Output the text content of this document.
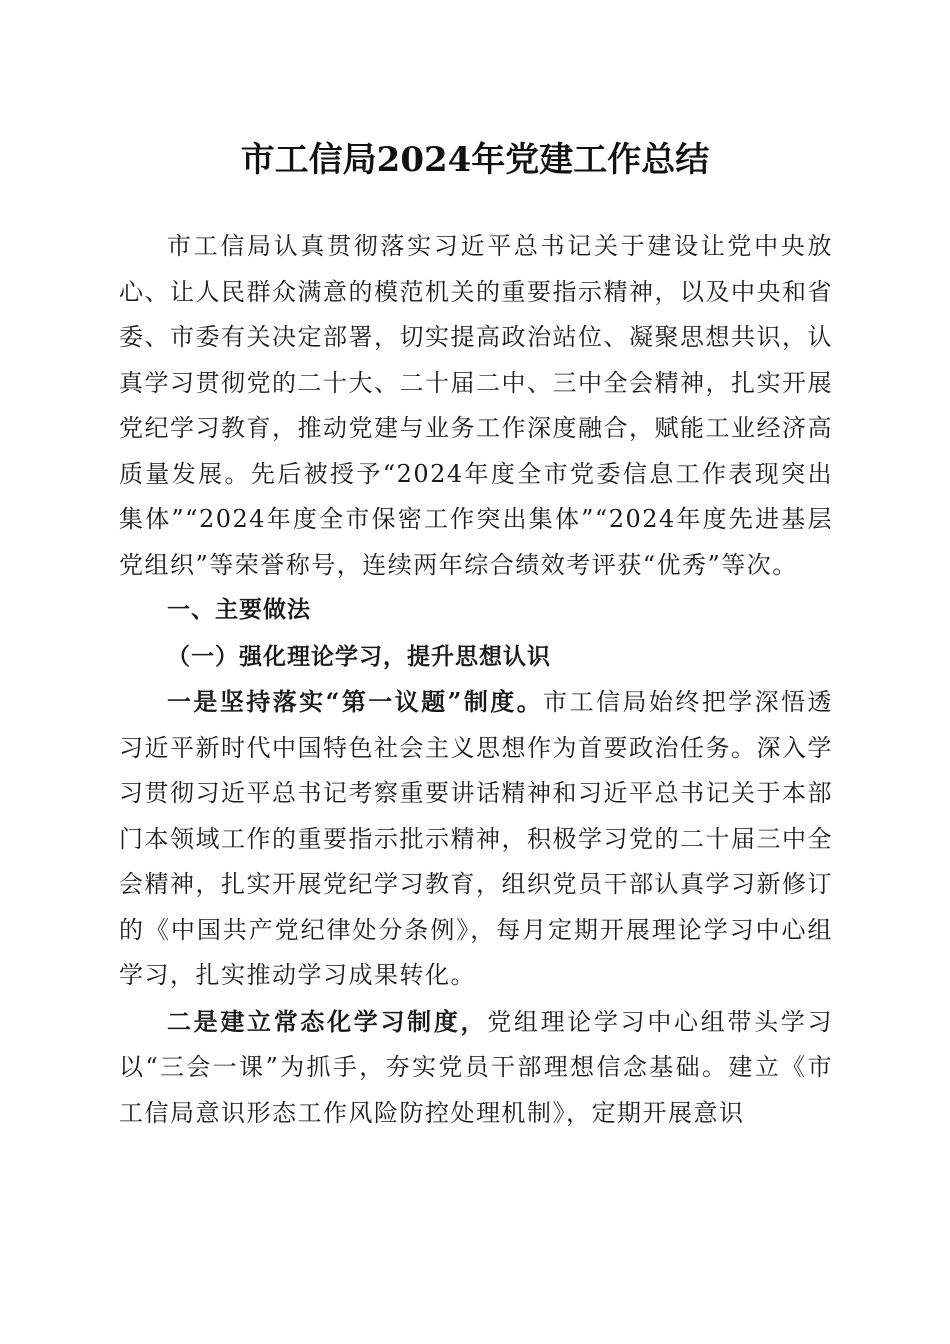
市工信局2024年党建工作总结

市工信局认真贯彻落实习近平总书记关于建设让党中央放心、让人民群众满意的模范机关的重要指示精神，以及中央和省委、市委有关决定部署，切实提高政治站位、凝聚思想共识，认真学习贯彻党的二十大、二十届二中、三中全会精神，扎实开展党纪学习教育，推动党建与业务工作深度融合，赋能工业经济高质量发展。先后被授予“2024年度全市党委信息工作表现突出集体”“2024年度全市保密工作突出集体”“2024年度先进基层党组织”等荣誉称号，连续两年综合绩效考评获“优秀”等次。

一、主要做法

（一）强化理论学习，提升思想认识

一是坚持落实“第一议题”制度。市工信局始终把学深悟透习近平新时代中国特色社会主义思想作为首要政治任务。深入学习贯彻习近平总书记考察重要讲话精神和习近平总书记关于本部门本领域工作的重要指示批示精神，积极学习党的二十届三中全会精神，扎实开展党纪学习教育，组织党员干部认真学习新修订的《中国共产党纪律处分条例》，每月定期开展理论学习中心组学习，扎实推动学习成果转化。

二是建立常态化学习制度，党组理论学习中心组带头学习以“三会一课”为抓手，夯实党员干部理想信念基础。建立《市工信局意识形态工作风险防控处理机制》，定期开展意识
